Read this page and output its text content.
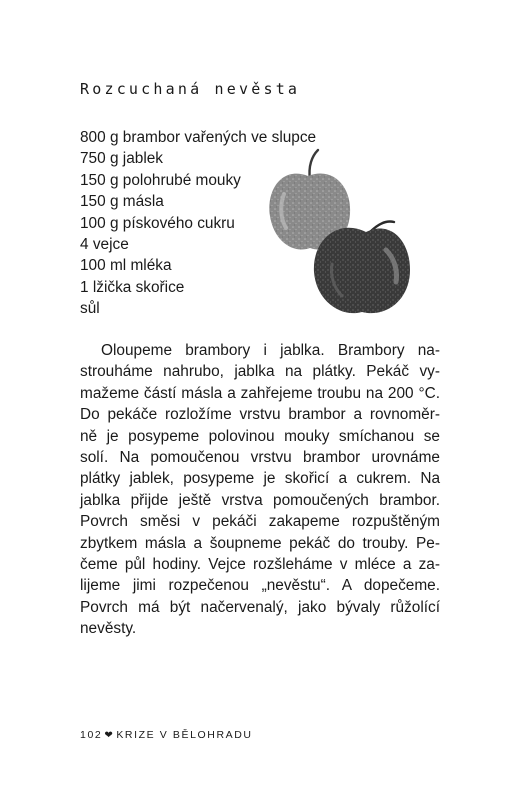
Rozcuchaná nevěsta
800 g brambor vařených ve slupce
750 g jablek
150 g polohrubé mouky
150 g másla
100 g pískového cukru
4 vejce
100 ml mléka
1 lžička skořice
sůl
Oloupeme brambory i jablka. Brambory na-
strouháme nahrubo, jablka na plátky. Pekáč vy-
mažeme částí másla a zahřejeme troubu na 200 °C.
Do pekáče rozložíme vrstvu brambor a rovnoměr-
ně je posypeme polovinou mouky smíchanou se
solí. Na pomoučenou vrstvu brambor urovnáme
plátky jablek, posypeme je skořicí a cukrem. Na
jablka přijde ještě vrstva pomoučených brambor.
Povrch směsi v pekáči zakapeme rozpuštěným
zbytkem másla a šoupneme pekáč do trouby. Pe-
čeme půl hodiny. Vejce rozšleháme v mléce a za-
lijeme jimi rozpečenou „nevěstu“. A dopečeme.
Povrch má být načervenalý, jako bývaly růžolící
nevěsty.
102 ❤ KRIZE V BĚLOHRADU
